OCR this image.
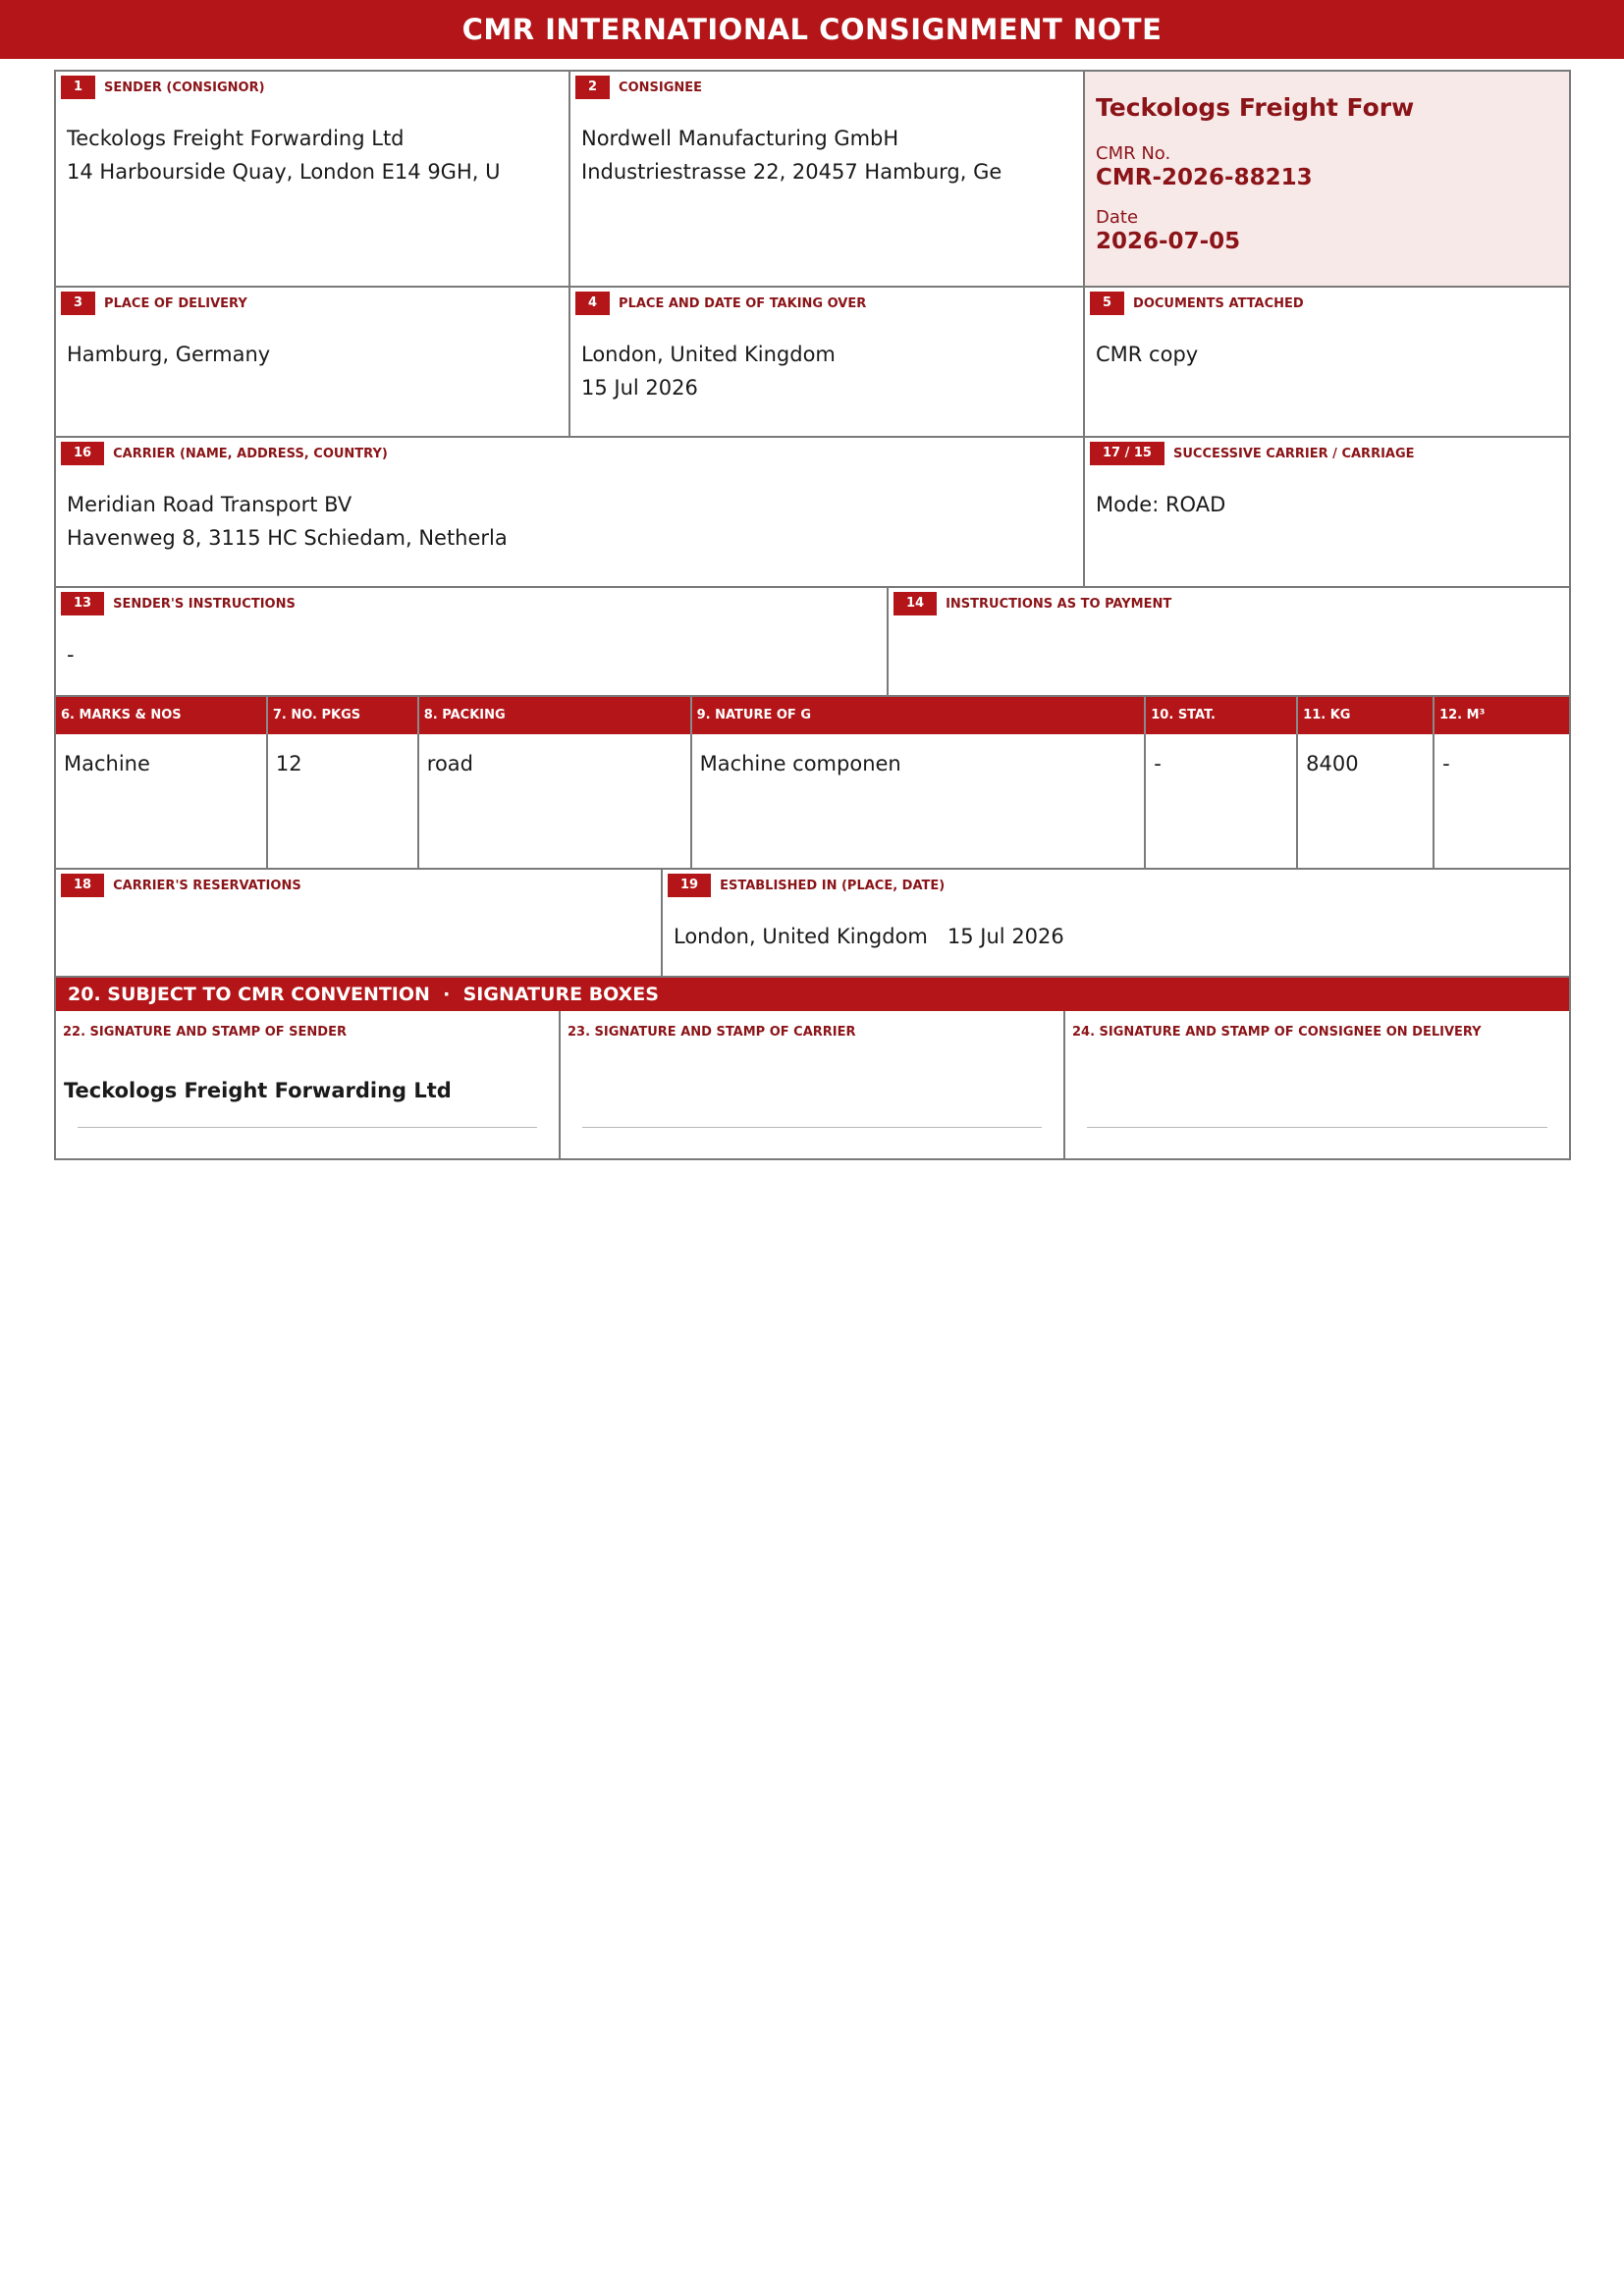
CMR INTERNATIONAL CONSIGNMENT NOTE
1	SENDER (CONSIGNOR)
Teckologs Freight Forwarding Ltd
14 Harbourside Quay, London E14 9GH, U
2	CONSIGNEE
Nordwell Manufacturing GmbH
Industriestrasse 22, 20457 Hamburg, Ge
Teckologs Freight Forw
CMR No.
CMR-2026-88213
Date
2026-07-05
3	PLACE OF DELIVERY
Hamburg, Germany
4	PLACE AND DATE OF TAKING OVER
London, United Kingdom
15 Jul 2026
5	DOCUMENTS ATTACHED
CMR copy
16	CARRIER (NAME, ADDRESS, COUNTRY)
Meridian Road Transport BV
Havenweg 8, 3115 HC Schiedam, Netherla
17 / 15	SUCCESSIVE CARRIER / CARRIAGE
Mode: ROAD
13	SENDER'S INSTRUCTIONS
-
14	INSTRUCTIONS AS TO PAYMENT
6. MARKS & NOS	7. NO. PKGS	8. PACKING	9. NATURE OF G	10. STAT.	11. KG	12. M³
Machine	12	road	Machine componen	-	8400	-
18	CARRIER'S RESERVATIONS	19	ESTABLISHED IN (PLACE, DATE)
London, United Kingdom   15 Jul 2026
20. SUBJECT TO CMR CONVENTION  ·  SIGNATURE BOXES
22. SIGNATURE AND STAMP OF SENDER
Teckologs Freight Forwarding Ltd
23. SIGNATURE AND STAMP OF CARRIER	24. SIGNATURE AND STAMP OF CONSIGNEE ON DELIVERY
